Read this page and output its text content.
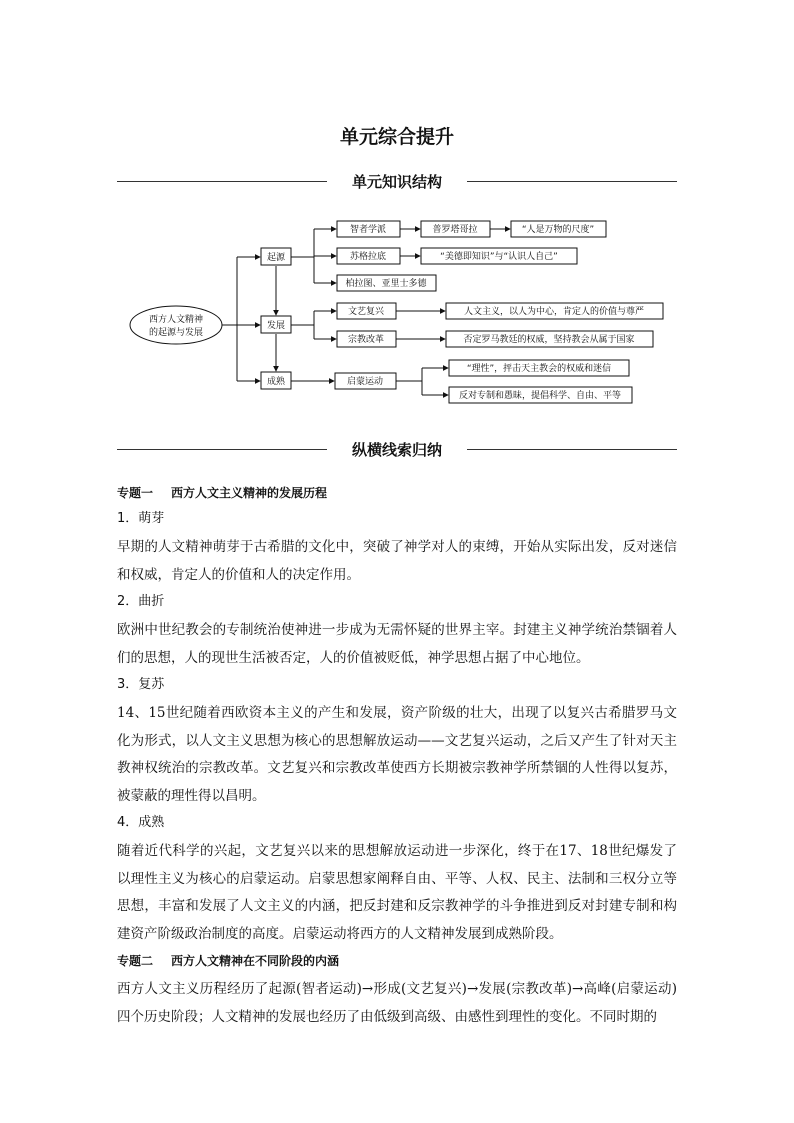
单元综合提升
单元知识结构
西方人文精神
的起源与发展
起源
发展
成熟
智者学派	普罗塔哥拉	“人是万物的尺度”
苏格拉底	“美德即知识”与“认识人自己”
柏拉图、亚里士多德
文艺复兴	人文主义，以人为中心，肯定人的价值与尊严
宗教改革	否定罗马教廷的权威，坚持教会从属于国家
启蒙运动
“理性”，抨击天主教会的权威和迷信
反对专制和愚昧，提倡科学、自由、平等
纵横线索归纳
专题一 西方人文主义精神的发展历程
1．萌芽

早期的人文精神萌芽于古希腊的文化中，突破了神学对人的束缚，开始从实际出发，反对迷信和权威，肯定人的价值和人的决定作用。

2．曲折

欧洲中世纪教会的专制统治使神进一步成为无需怀疑的世界主宰。封建主义神学统治禁锢着人们的思想，人的现世生活被否定，人的价值被贬低，神学思想占据了中心地位。

3．复苏

14、15世纪随着西欧资本主义的产生和发展，资产阶级的壮大，出现了以复兴古希腊罗马文化为形式，以人文主义思想为核心的思想解放运动——文艺复兴运动，之后又产生了针对天主教神权统治的宗教改革。文艺复兴和宗教改革使西方长期被宗教神学所禁锢的人性得以复苏，被蒙蔽的理性得以昌明。

4．成熟

随着近代科学的兴起，文艺复兴以来的思想解放运动进一步深化，终于在17、18世纪爆发了以理性主义为核心的启蒙运动。启蒙思想家阐释自由、平等、人权、民主、法制和三权分立等思想，丰富和发展了人文主义的内涵，把反封建和反宗教神学的斗争推进到反对封建专制和构建资产阶级政治制度的高度。启蒙运动将西方的人文精神发展到成熟阶段。

专题二 西方人文精神在不同阶段的内涵

西方人文主义历程经历了起源(智者运动)→形成(文艺复兴)→发展(宗教改革)→高峰(启蒙运动)四个历史阶段；人文精神的发展也经历了由低级到高级、由感性到理性的变化。不同时期的
